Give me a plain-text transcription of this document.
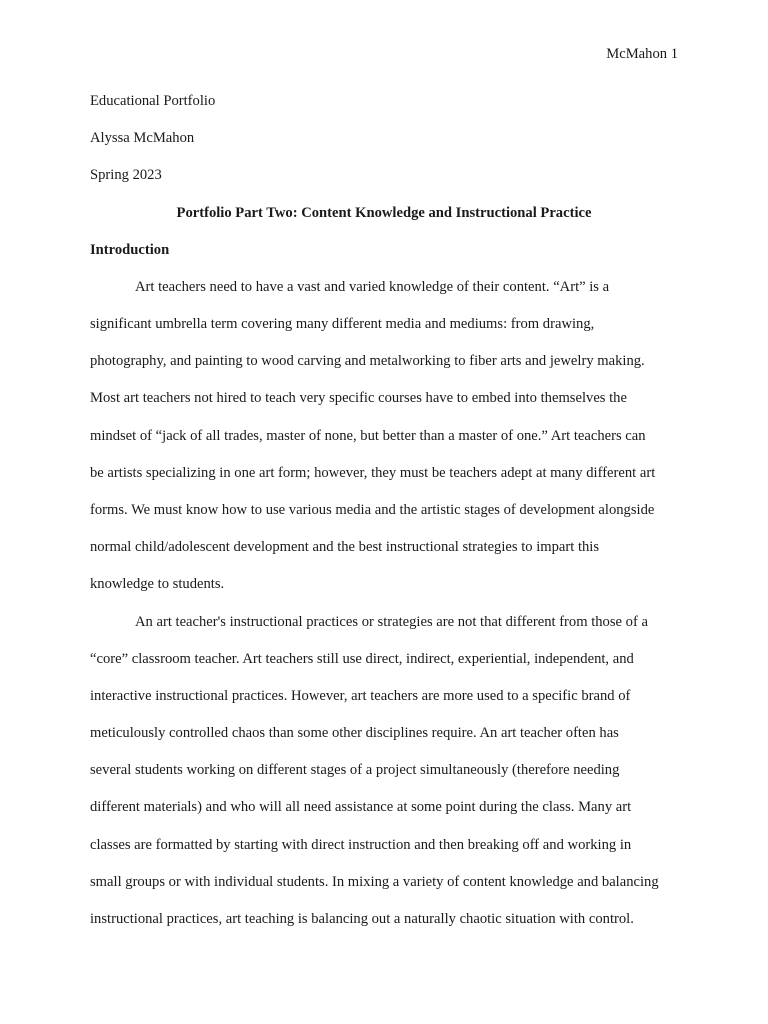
McMahon 1
Educational Portfolio
Alyssa McMahon
Spring 2023
Portfolio Part Two: Content Knowledge and Instructional Practice
Introduction
Art teachers need to have a vast and varied knowledge of their content. “Art” is a
significant umbrella term covering many different media and mediums: from drawing,
photography, and painting to wood carving and metalworking to fiber arts and jewelry making.
Most art teachers not hired to teach very specific courses have to embed into themselves the
mindset of “jack of all trades, master of none, but better than a master of one.” Art teachers can
be artists specializing in one art form; however, they must be teachers adept at many different art
forms. We must know how to use various media and the artistic stages of development alongside
normal child/adolescent development and the best instructional strategies to impart this
knowledge to students.
An art teacher's instructional practices or strategies are not that different from those of a
“core” classroom teacher. Art teachers still use direct, indirect, experiential, independent, and
interactive instructional practices. However, art teachers are more used to a specific brand of
meticulously controlled chaos than some other disciplines require. An art teacher often has
several students working on different stages of a project simultaneously (therefore needing
different materials) and who will all need assistance at some point during the class. Many art
classes are formatted by starting with direct instruction and then breaking off and working in
small groups or with individual students. In mixing a variety of content knowledge and balancing
instructional practices, art teaching is balancing out a naturally chaotic situation with control.
